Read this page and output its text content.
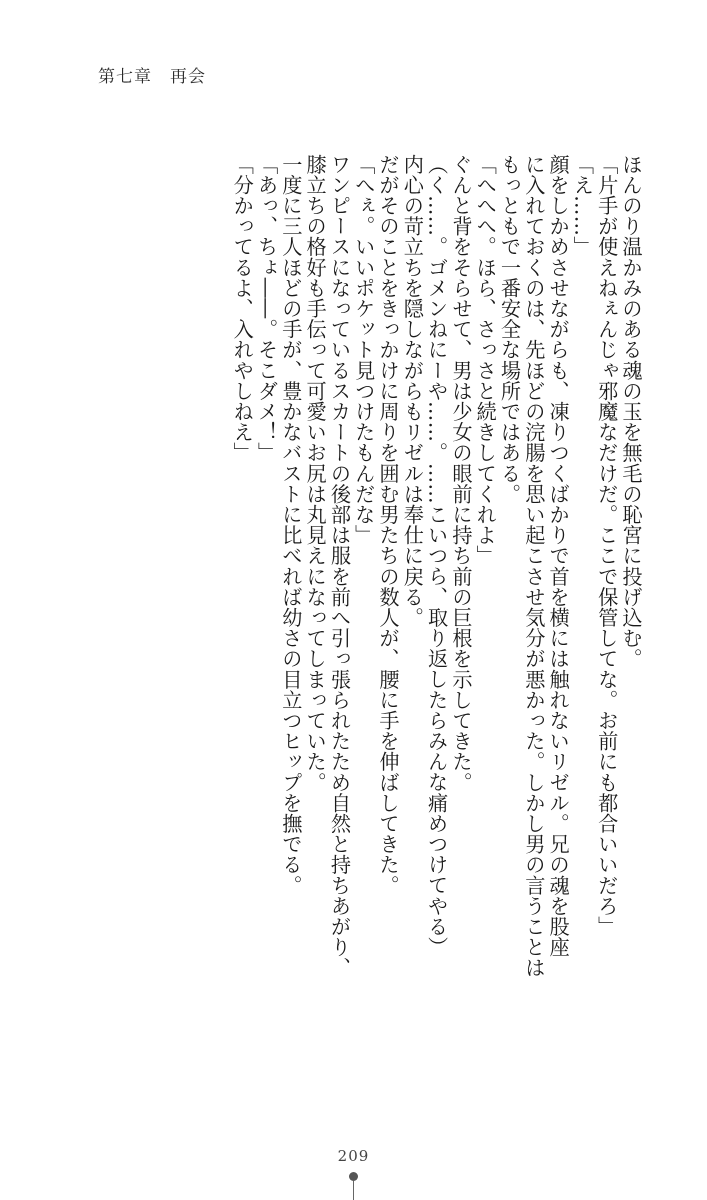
第七章　再会
ほんのり温かみのある魂の玉を無毛の恥宮に投げ込む。
「片手が使えねぇんじゃ邪魔なだけだ。ここで保管してな。お前にも都合いいだろ」
「え……」
顔をしかめさせながらも、凍りつくばかりで首を横には触れないリゼル。兄の魂を股座
に入れておくのは、先ほどの浣腸を思い起こさせ気分が悪かった。しかし男の言うことは
もっともで一番安全な場所ではある。
「へへへ。ほら、さっさと続きしてくれよ」
ぐんと背をそらせて、男は少女の眼前に持ち前の巨根を示してきた。
（く……。ゴメンねにーや……。……こいつら、取り返したらみんな痛めつけてやる）
内心の苛立ちを隠しながらもリゼルは奉仕に戻る。
だがそのことをきっかけに周りを囲む男たちの数人が、腰に手を伸ばしてきた。
「へぇ。いいポケット見つけたもんだな」
ワンピースになっているスカートの後部は服を前へ引っ張られたため自然と持ちあがり、
膝立ちの格好も手伝って可愛いお尻は丸見えになってしまっていた。
一度に三人ほどの手が、豊かなバストに比べれば幼さの目立つヒップを撫でる。
「あっ、ちょ――。そこダメ！」
「分かってるよ、入れやしねえ」
209
